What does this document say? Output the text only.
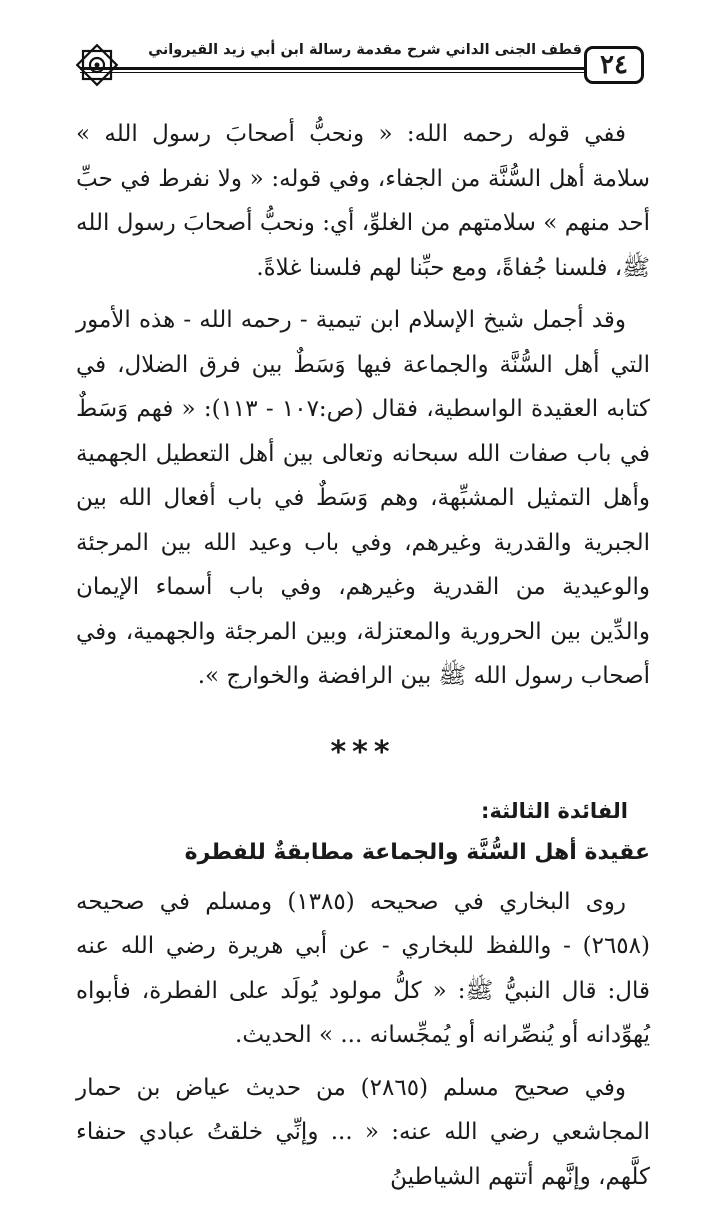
٢٤
قطف الجنى الداني شرح مقدمة رسالة ابن أبي زيد القيرواني

ففي قوله رحمه الله: « ونحبُّ أصحابَ رسول الله » سلامة أهل السُّنَّة من الجفاء، وفي قوله: « ولا نفرط في حبِّ أحد منهم » سلامتهم من الغلوِّ، أي: ونحبُّ أصحابَ رسول الله ﷺ، فلسنا جُفاةً، ومع حبِّنا لهم فلسنا غلاةً.

وقد أجمل شيخ الإسلام ابن تيمية - رحمه الله - هذه الأمور التي أهل السُّنَّة والجماعة فيها وَسَطٌ بين فرق الضلال، في كتابه العقيدة الواسطية، فقال (ص:١٠٧ - ١١٣): « فهم وَسَطٌ في باب صفات الله سبحانه وتعالى بين أهل التعطيل الجهمية وأهل التمثيل المشبِّهة، وهم وَسَطٌ في باب أفعال الله بين الجبرية والقدرية وغيرهم، وفي باب وعيد الله بين المرجئة والوعيدية من القدرية وغيرهم، وفي باب أسماء الإيمان والدِّين بين الحرورية والمعتزلة، وبين المرجئة والجهمية، وفي أصحاب رسول الله ﷺ بين الرافضة والخوارج ».

***

الفائدة الثالثة:

عقيدة أهل السُّنَّة والجماعة مطابقةٌ للفطرة

روى البخاري في صحيحه (١٣٨٥) ومسلم في صحيحه (٢٦٥٨) - واللفظ للبخاري - عن أبي هريرة رضي الله عنه قال: قال النبيُّ ﷺ: « كلُّ مولود يُولَد على الفطرة، فأبواه يُهوِّدانه أو يُنصِّرانه أو يُمجِّسانه ... » الحديث.

وفي صحيح مسلم (٢٨٦٥) من حديث عياض بن حمار المجاشعي رضي الله عنه: « ... وإنِّي خلقتُ عبادي حنفاء كلَّهم، وإنَّهم أتتهم الشياطينُ
